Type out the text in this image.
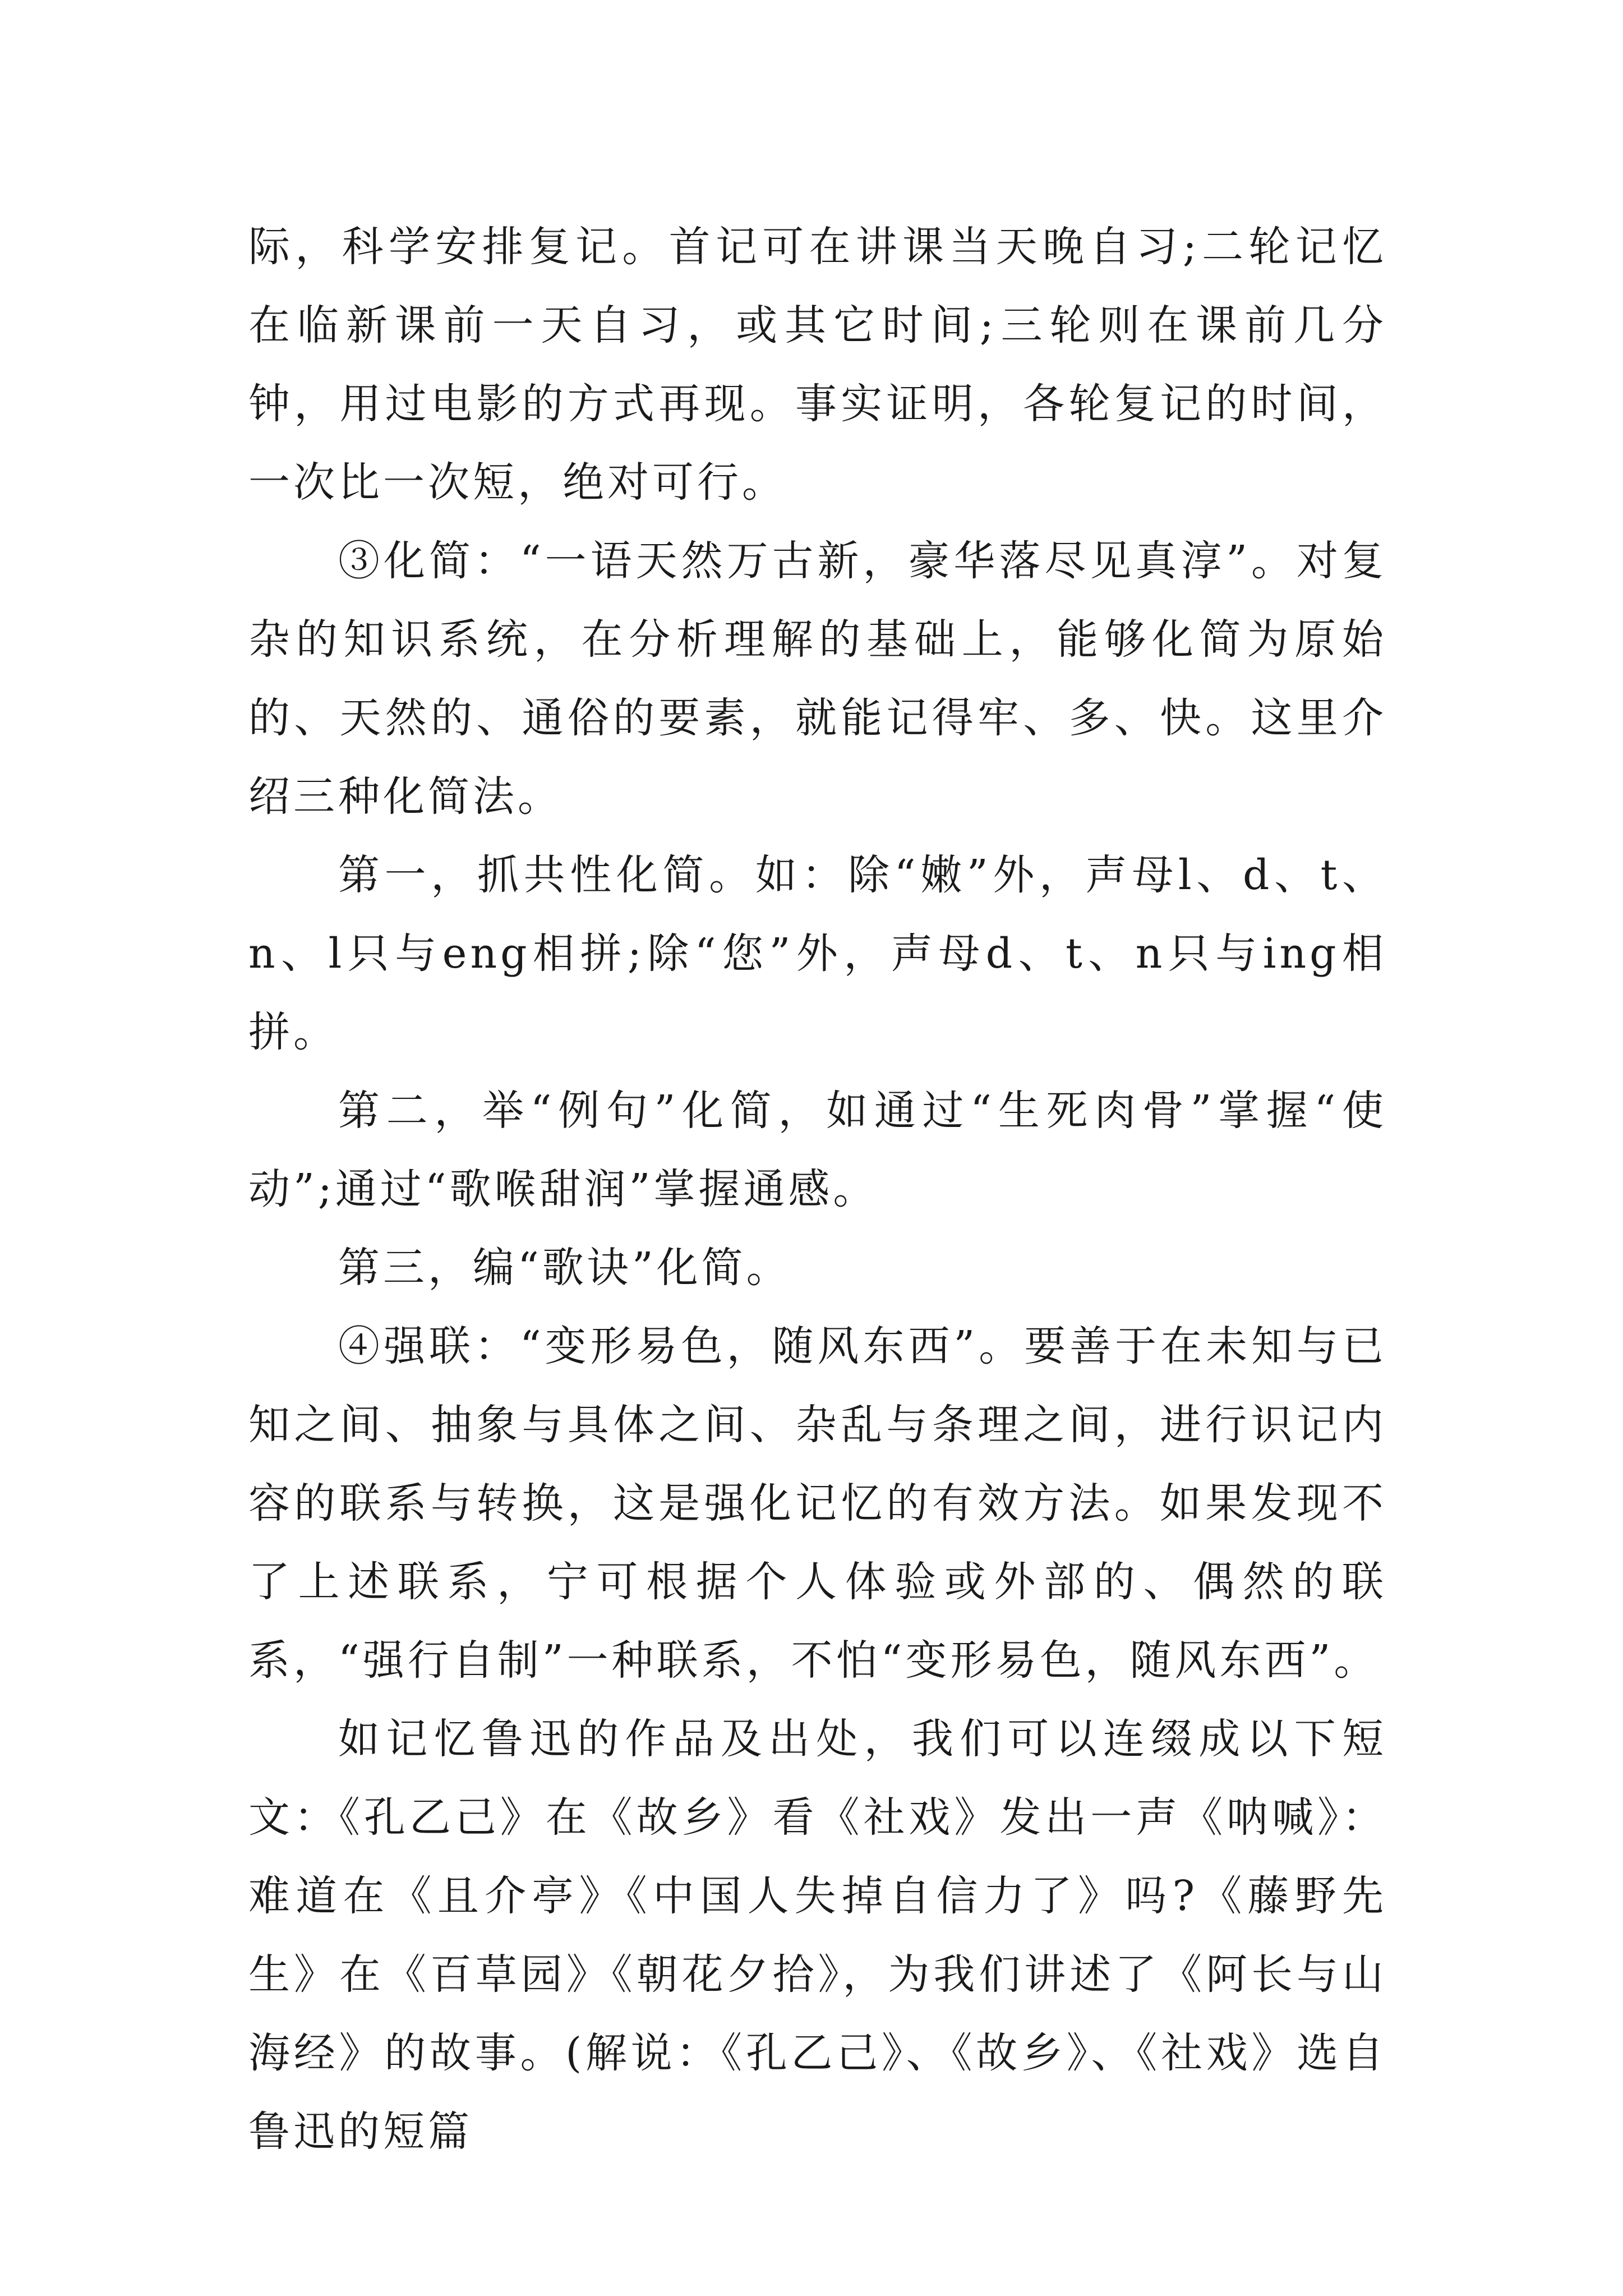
际，科学安排复记。首记可在讲课当天晚自习;二轮记忆在临新课前一天自习，或其它时间;三轮则在课前几分钟，用过电影的方式再现。事实证明，各轮复记的时间，一次比一次短，绝对可行。

③化简：“一语天然万古新，豪华落尽见真淳”。对复杂的知识系统，在分析理解的基础上，能够化简为原始的、天然的、通俗的要素，就能记得牢、多、快。这里介绍三种化简法。

第一，抓共性化简。如：除“嫩”外，声母l、d、t、n、l只与eng相拼;除“您”外，声母d、t、n只与ing相拼。

第二，举“例句”化简，如通过“生死肉骨”掌握“使动”;通过“歌喉甜润”掌握通感。

第三，编“歌诀”化简。

④强联：“变形易色，随风东西”。要善于在未知与已知之间、抽象与具体之间、杂乱与条理之间，进行识记内容的联系与转换，这是强化记忆的有效方法。如果发现不了上述联系，宁可根据个人体验或外部的、偶然的联系，“强行自制”一种联系，不怕“变形易色，随风东西”。

如记忆鲁迅的作品及出处，我们可以连缀成以下短文：《孔乙己》在《故乡》看《社戏》发出一声《呐喊》：难道在《且介亭》《中国人失掉自信力了》吗?《藤野先生》在《百草园》《朝花夕拾》，为我们讲述了《阿长与山海经》的故事。(解说：《孔乙己》、《故乡》、《社戏》选自鲁迅的短篇
